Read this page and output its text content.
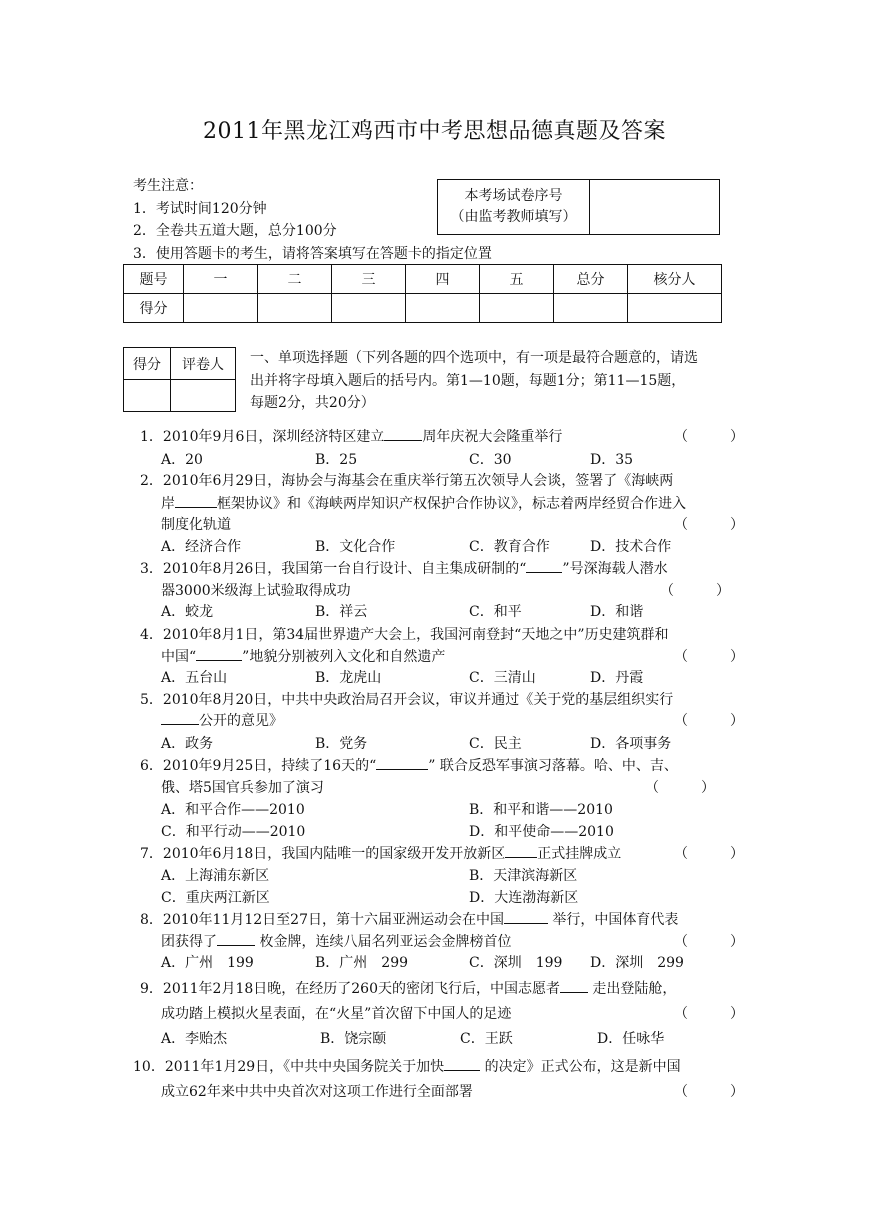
2011年黑龙江鸡西市中考思想品德真题及答案
考生注意：
1．考试时间120分钟
2．全卷共五道大题，总分100分
3．使用答题卡的考生，请将答案填写在答题卡的指定位置
本考场试卷序号
（由监考教师填写）

题号	一	二	三	四	五	总分	核分人
得分							
得分	评卷人
	一、单项选择题（下列各题的四个选项中，有一项是最符合题意的，请选
出并将字母填入题后的括号内。第1—10题，每题1分；第11—15题，
每题2分，共20分）
1．2010年9月6日，深圳经济特区建立	周年庆祝大会隆重举行	（　　　）
A．20	B．25	C．30	D．35
2．2010年6月29日，海协会与海基会在重庆举行第五次领导人会谈，签署了《海峡两
岸	框架协议》和《海峡两岸知识产权保护合作协议》，标志着两岸经贸合作进入
制度化轨道	（　　　）
A．经济合作	B．文化合作	C．教育合作	D．技术合作
3．2010年8月26日，我国第一台自行设计、自主集成研制的“	”号深海载人潜水
器3000米级海上试验取得成功	（　　　）
A．蛟龙	B．祥云	C．和平	D．和谐
4．2010年8月1日，第34届世界遗产大会上，我国河南登封“天地之中”历史建筑群和
中国“	”地貌分别被列入文化和自然遗产	（　　　）
A．五台山	B．龙虎山	C．三清山	D．丹霞
5．2010年8月20日，中共中央政治局召开会议，审议并通过《关于党的基层组织实行
公开的意见》	（　　　）
A．政务	B．党务	C．民主	D．各项事务
6．2010年9月25日，持续了16天的“	” 联合反恐军事演习落幕。哈、中、吉、
俄、塔5国官兵参加了演习	（　　　）
A．和平合作——2010	B．和平和谐——2010
C．和平行动——2010	D．和平使命——2010
7．2010年6月18日，我国内陆唯一的国家级开发开放新区 正式挂牌成立	（　　　）
A．上海浦东新区	B．天津滨海新区
C．重庆两江新区	D．大连渤海新区
8．2010年11月12日至27日，第十六届亚洲运动会在中国	举行，中国体育代表
团获得了	枚金牌，连续八届名列亚运会金牌榜首位	（　　　）
A．广州　199	B．广州　299	C．深圳　199 D．深圳　299
9．2011年2月18日晚，在经历了260天的密闭飞行后，中国志愿者 走出登陆舱，
成功踏上模拟火星表面，在“火星”首次留下中国人的足迹	（　　　）
A．李贻杰	B．饶宗颐	C．王跃	D．任咏华
10．2011年1月29日，《中共中央国务院关于加快	的决定》正式公布，这是新中国
成立62年来中共中央首次对这项工作进行全面部署	（　　　）
